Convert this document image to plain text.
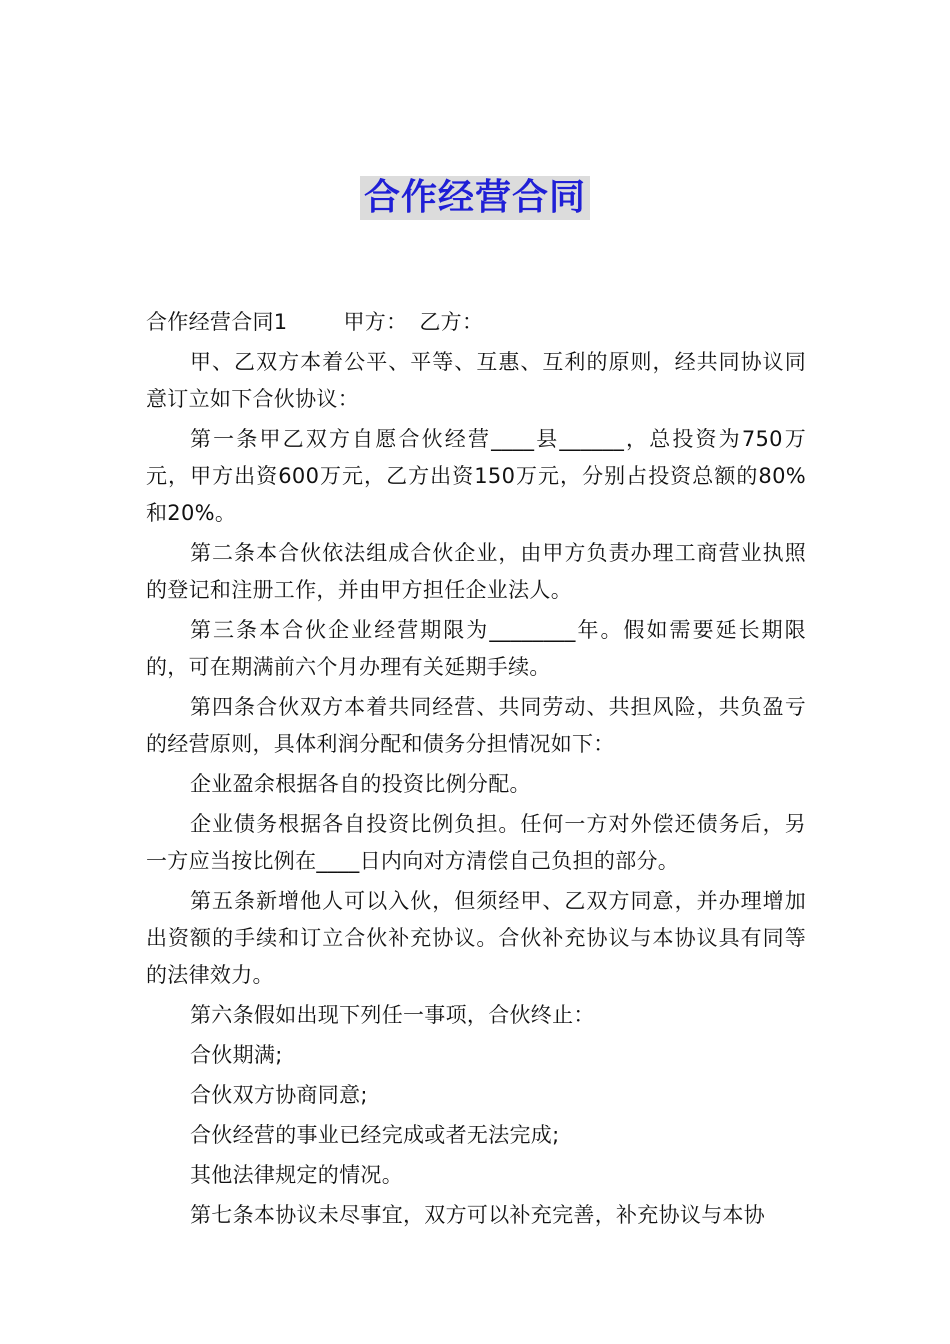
合作经营合同

合作经营合同1	甲方： 乙方：

甲、乙双方本着公平、平等、互惠、互利的原则，经共同协议同意订立如下合伙协议：

第一条甲乙双方自愿合伙经营____县______，总投资为750万元，甲方出资600万元，乙方出资150万元，分别占投资总额的80%和20%。

第二条本合伙依法组成合伙企业，由甲方负责办理工商营业执照的登记和注册工作，并由甲方担任企业法人。

第三条本合伙企业经营期限为________年。假如需要延长期限的，可在期满前六个月办理有关延期手续。

第四条合伙双方本着共同经营、共同劳动、共担风险，共负盈亏的经营原则，具体利润分配和债务分担情况如下：

企业盈余根据各自的投资比例分配。

企业债务根据各自投资比例负担。任何一方对外偿还债务后，另一方应当按比例在____日内向对方清偿自己负担的部分。

第五条新增他人可以入伙，但须经甲、乙双方同意，并办理增加出资额的手续和订立合伙补充协议。合伙补充协议与本协议具有同等的法律效力。

第六条假如出现下列任一事项，合伙终止：

合伙期满;

合伙双方协商同意;

合伙经营的事业已经完成或者无法完成;

其他法律规定的情况。

第七条本协议未尽事宜，双方可以补充完善，补充协议与本协
